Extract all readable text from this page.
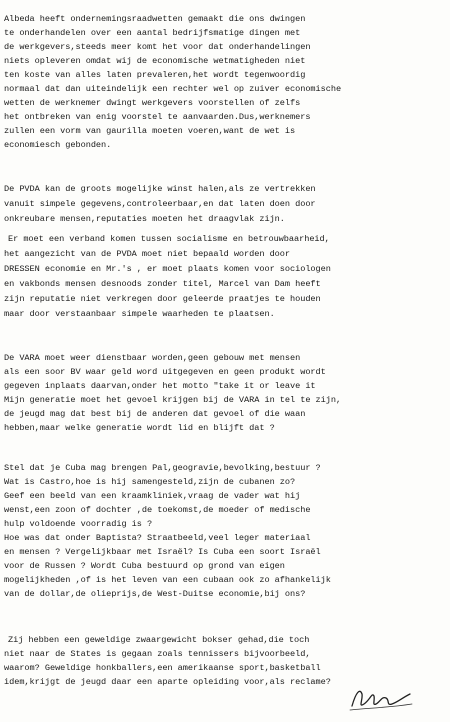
Albeda heeft ondernemingsraadwetten gemaakt die ons dwingen
te onderhandelen over een aantal bedrijfsmatige dingen met
de werkgevers,steeds meer komt het voor dat onderhandelingen
niets opleveren omdat wij de economische wetmatigheden niet
ten koste van alles laten prevaleren,het wordt tegenwoordig
normaal dat dan uiteindelijk een rechter wel op zuiver economische
wetten de werknemer dwingt werkgevers voorstellen of zelfs
het ontbreken van enig voorstel te aanvaarden.Dus,werknemers
zullen een vorm van gaurilla moeten voeren,want de wet is
economiesch gebonden.
De PVDA kan de groots mogelijke winst halen,als ze vertrekken
vanuit simpele gegevens,controleerbaar,en dat laten doen door
onkreubare mensen,reputaties moeten het draagvlak zijn.
Er moet een verband komen tussen socialisme en betrouwbaarheid,
het aangezicht van de PVDA moet niet bepaald worden door
DRESSEN economie en Mr.'s , er moet plaats komen voor sociologen
en vakbonds mensen desnoods zonder titel, Marcel van Dam heeft
zijn reputatie niet verkregen door geleerde praatjes te houden
maar door verstaanbaar simpele waarheden te plaatsen.
De VARA moet weer dienstbaar worden,geen gebouw met mensen
als een soor BV waar geld word uitgegeven en geen produkt wordt
gegeven inplaats daarvan,onder het motto "take it or leave it
Mijn generatie moet het gevoel krijgen bij de VARA in tel te zijn,
de jeugd mag dat best bij de anderen dat gevoel of die waan
hebben,maar welke generatie wordt lid en blijft dat ?
Stel dat je Cuba mag brengen Pal,geogravie,bevolking,bestuur ?
Wat is Castro,hoe is hij samengesteld,zijn de cubanen zo?
Geef een beeld van een kraamkliniek,vraag de vader wat hij
wenst,een zoon of dochter ,de toekomst,de moeder of medische
hulp voldoende voorradig is ?
Hoe was dat onder Baptista? Straatbeeld,veel leger materiaal
en mensen ? Vergelijkbaar met Israël? Is Cuba een soort Israël
voor de Russen ? Wordt Cuba bestuurd op grond van eigen
mogelijkheden ,of is het leven van een cubaan ook zo afhankelijk
van de dollar,de olieprijs,de West-Duitse economie,bij ons?
Zij hebben een geweldige zwaargewicht bokser gehad,die toch
niet naar de States is gegaan zoals tennissers bijvoorbeeld,
waarom? Geweldige honkballers,een amerikaanse sport,basketball
idem,krijgt de jeugd daar een aparte opleiding voor,als reclame?
